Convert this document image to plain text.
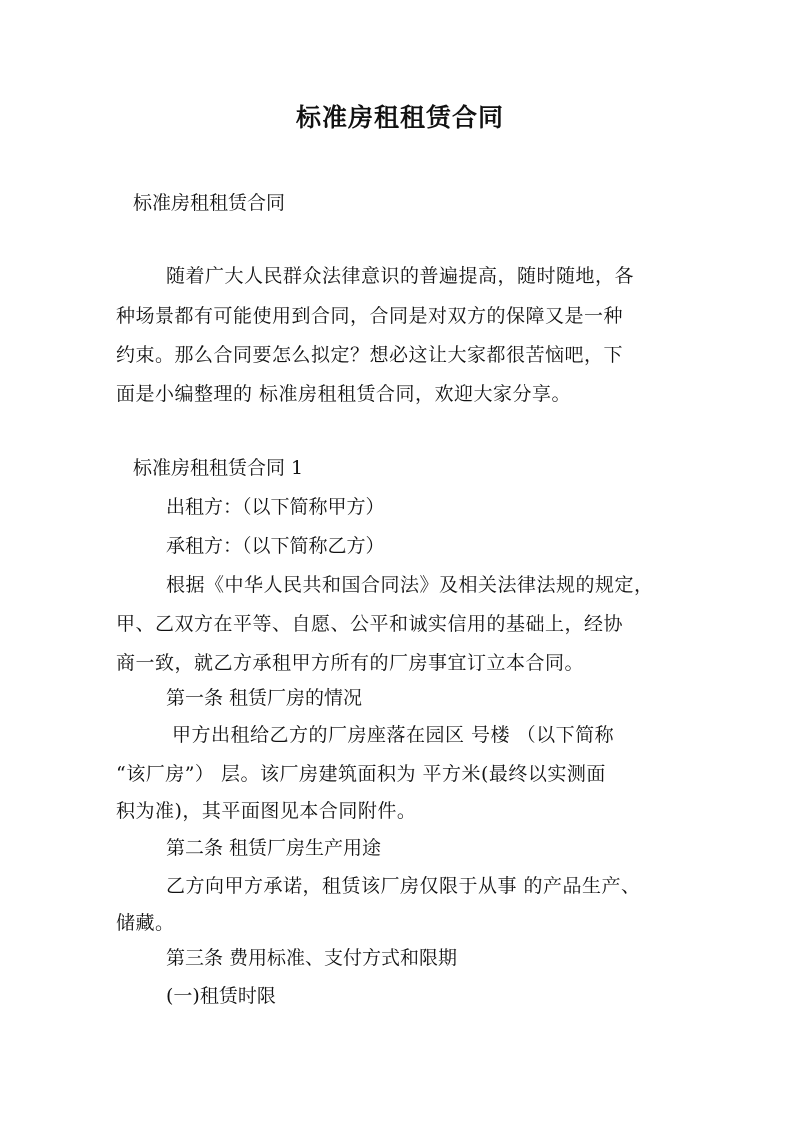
标准房租租赁合同
标准房租租赁合同
随着广大人民群众法律意识的普遍提高，随时随地，各
种场景都有可能使用到合同，合同是对双方的保障又是一种
约束。那么合同要怎么拟定？想必这让大家都很苦恼吧，下
面是小编整理的 标准房租租赁合同，欢迎大家分享。
标准房租租赁合同 1
出租方：（以下简称甲方）
承租方：（以下简称乙方）
根据《中华人民共和国合同法》及相关法律法规的规定，
甲、乙双方在平等、自愿、公平和诚实信用的基础上，经协
商一致，就乙方承租甲方所有的厂房事宜订立本合同。
第一条 租赁厂房的情况
甲方出租给乙方的厂房座落在园区 号楼 （以下简称
“该厂房”） 层。该厂房建筑面积为 平方米(最终以实测面
积为准)，其平面图见本合同附件。
第二条 租赁厂房生产用途
乙方向甲方承诺，租赁该厂房仅限于从事 的产品生产、
储藏。
第三条 费用标准、支付方式和限期
(一)租赁时限
